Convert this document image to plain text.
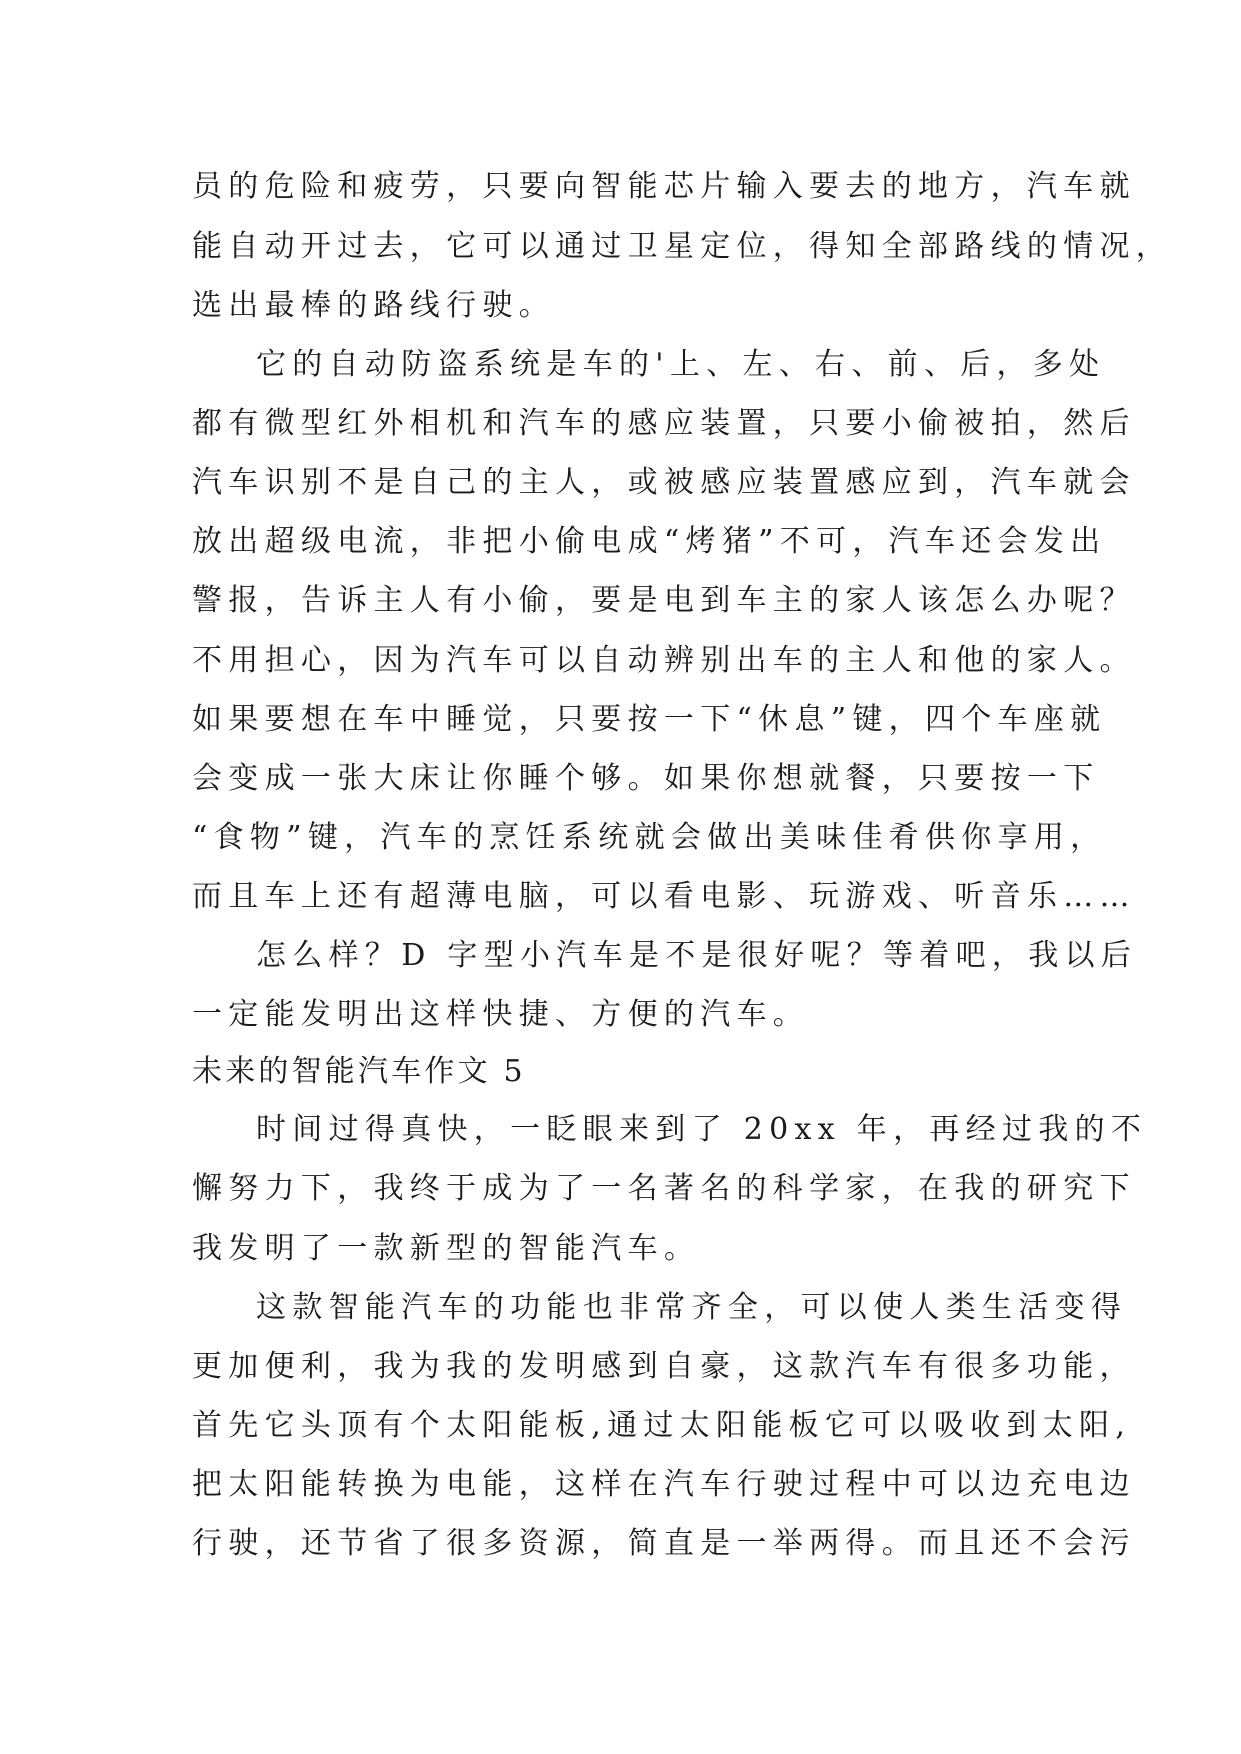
员的危险和疲劳，只要向智能芯片输入要去的地方，汽车就
能自动开过去，它可以通过卫星定位，得知全部路线的情况，
选出最棒的路线行驶。
它的自动防盗系统是车的'上、左、右、前、后，多处
都有微型红外相机和汽车的感应装置，只要小偷被拍，然后
汽车识别不是自己的主人，或被感应装置感应到，汽车就会
放出超级电流，非把小偷电成“烤猪”不可，汽车还会发出
警报，告诉主人有小偷，要是电到车主的家人该怎么办呢？
不用担心，因为汽车可以自动辨别出车的主人和他的家人。
如果要想在车中睡觉，只要按一下“休息”键，四个车座就
会变成一张大床让你睡个够。如果你想就餐，只要按一下
“食物”键，汽车的烹饪系统就会做出美味佳肴供你享用，
而且车上还有超薄电脑，可以看电影、玩游戏、听音乐……
怎么样？D 字型小汽车是不是很好呢？等着吧，我以后
一定能发明出这样快捷、方便的汽车。
未来的智能汽车作文 5
时间过得真快，一眨眼来到了 20xx 年，再经过我的不
懈努力下，我终于成为了一名著名的科学家，在我的研究下
我发明了一款新型的智能汽车。
这款智能汽车的功能也非常齐全，可以使人类生活变得
更加便利，我为我的发明感到自豪，这款汽车有很多功能，
首先它头顶有个太阳能板,通过太阳能板它可以吸收到太阳,
把太阳能转换为电能，这样在汽车行驶过程中可以边充电边
行驶，还节省了很多资源，简直是一举两得。而且还不会污
